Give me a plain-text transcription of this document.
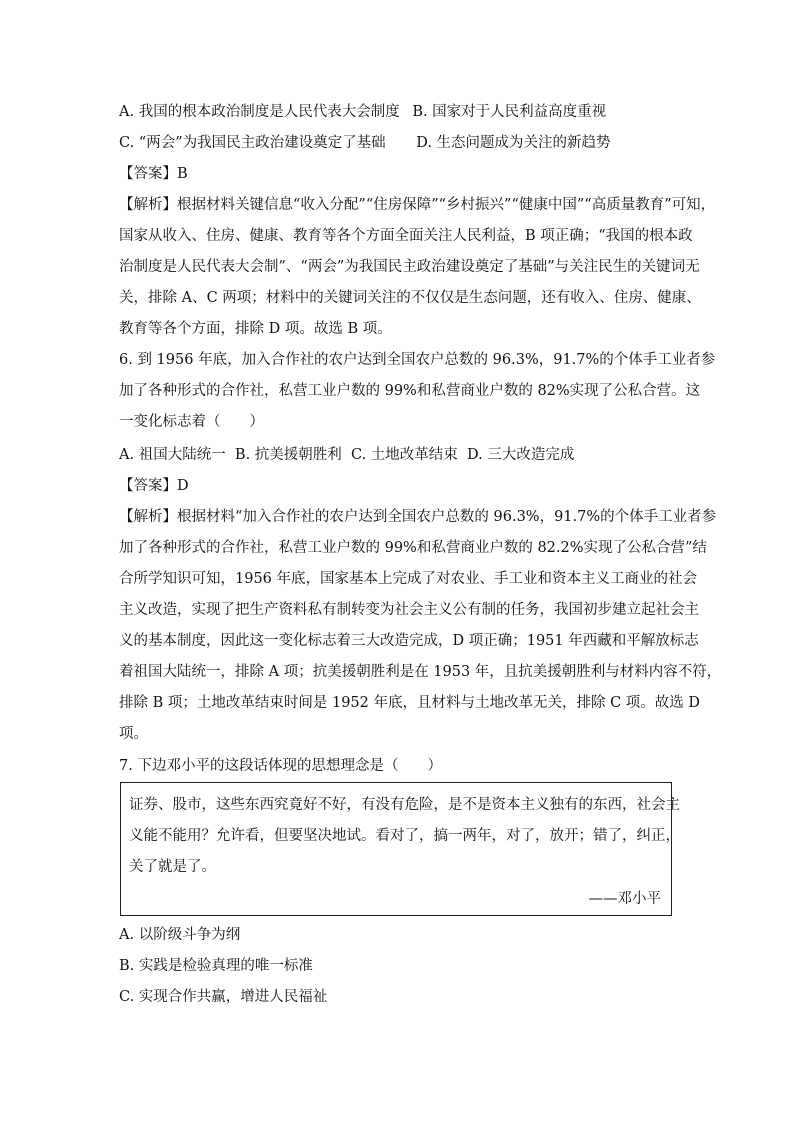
A. 我国的根本政治制度是人民代表大会制度 B. 国家对于人民利益高度重视
C. “两会”为我国民主政治建设奠定了基础 D. 生态问题成为关注的新趋势
【答案】B
【解析】根据材料关键信息“收入分配”“住房保障”“乡村振兴”“健康中国”“高质量教育”可知，
国家从收入、住房、健康、教育等各个方面全面关注人民利益，B 项正确；“我国的根本政
治制度是人民代表大会制”、“两会”为我国民主政治建设奠定了基础”与关注民生的关键词无
关，排除 A、C 两项；材料中的关键词关注的不仅仅是生态问题，还有收入、住房、健康、
教育等各个方面，排除 D 项。故选 B 项。
6. 到 1956 年底，加入合作社的农户达到全国农户总数的 96.3%，91.7%的个体手工业者参
加了各种形式的合作社，私营工业户数的 99%和私营商业户数的 82%实现了公私合营。这
一变化标志着（　　）
A. 祖国大陆统一  B. 抗美援朝胜利  C. 土地改革结束  D. 三大改造完成
【答案】D
【解析】根据材料“加入合作社的农户达到全国农户总数的 96.3%，91.7%的个体手工业者参
加了各种形式的合作社，私营工业户数的 99%和私营商业户数的 82.2%实现了公私合营”结
合所学知识可知，1956 年底，国家基本上完成了对农业、手工业和资本主义工商业的社会
主义改造，实现了把生产资料私有制转变为社会主义公有制的任务，我国初步建立起社会主
义的基本制度，因此这一变化标志着三大改造完成，D 项正确；1951 年西藏和平解放标志
着祖国大陆统一，排除 A 项；抗美援朝胜利是在 1953 年，且抗美援朝胜利与材料内容不符，
排除 B 项；土地改革结束时间是 1952 年底，且材料与土地改革无关，排除 C 项。故选 D
项。
7. 下边邓小平的这段话体现的思想理念是（　　）
证券、股市，这些东西究竟好不好，有没有危险，是不是资本主义独有的东西，社会主
义能不能用？允许看，但要坚决地试。看对了，搞一两年，对了，放开；错了，纠正，
关了就是了。
——邓小平
A. 以阶级斗争为纲
B. 实践是检验真理的唯一标准
C. 实现合作共赢，增进人民福祉
